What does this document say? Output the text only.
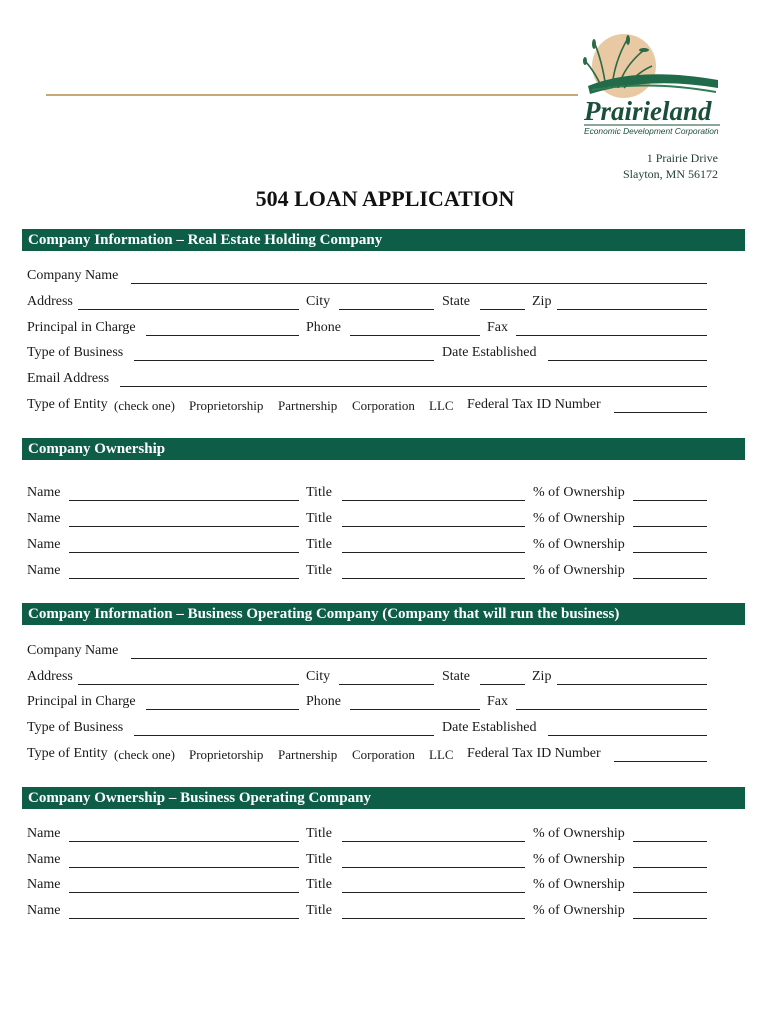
Prairieland
Economic Development Corporation
1 Prairie Drive
Slayton, MN 56172
504 LOAN APPLICATION
Company Information – Real Estate Holding Company
Company Name
Address	City	State	Zip
Principal in Charge	Phone	Fax
Type of Business	Date Established
Email Address
Type of Entity (check one) Proprietorship Partnership Corporation LLC Federal Tax ID Number
Company Ownership
Name	Title	% of Ownership
Name	Title	% of Ownership
Name	Title	% of Ownership
Name	Title	% of Ownership
Company Information – Business Operating Company (Company that will run the business)
Company Name
Address	City	State	Zip
Principal in Charge	Phone	Fax
Type of Business	Date Established
Type of Entity (check one) Proprietorship Partnership Corporation LLC Federal Tax ID Number
Company Ownership – Business Operating Company
Name	Title	% of Ownership
Name	Title	% of Ownership
Name	Title	% of Ownership
Name	Title	% of Ownership
